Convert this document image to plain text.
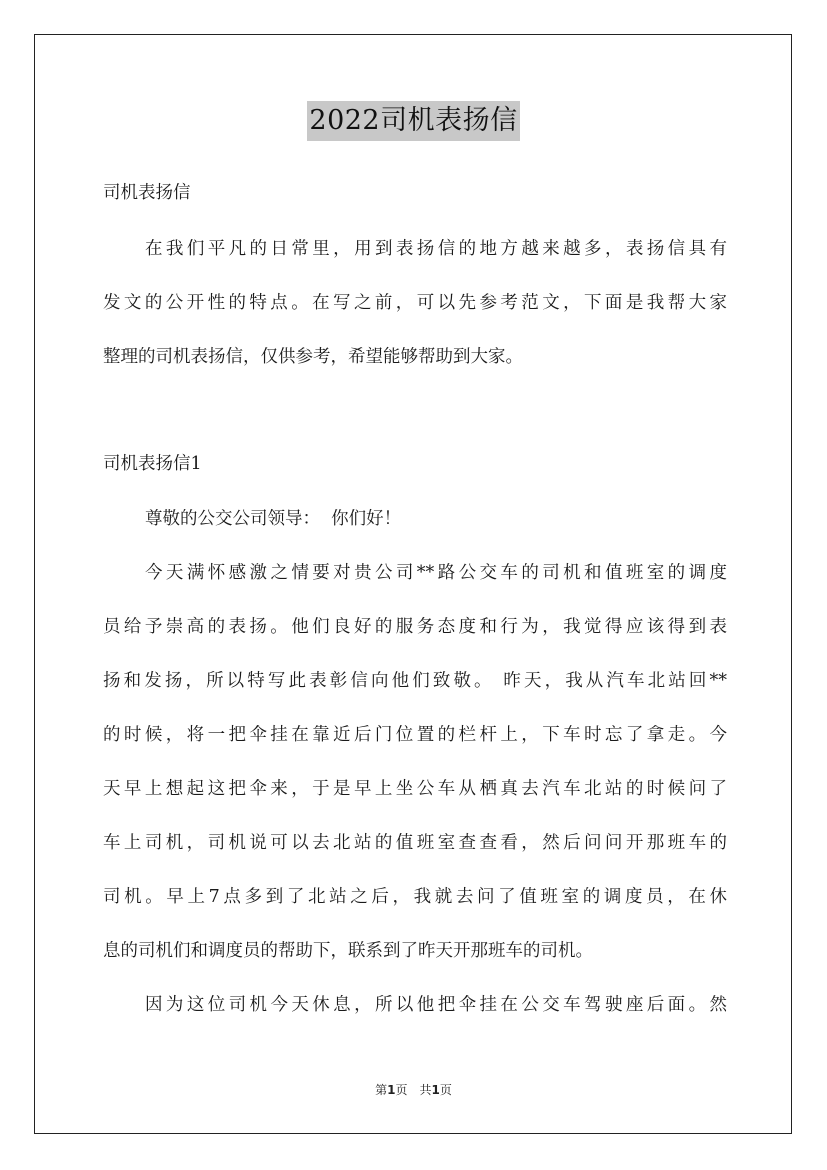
2022司机表扬信
司机表扬信
在我们平凡的日常里，用到表扬信的地方越来越多，表扬信具有
发文的公开性的特点。在写之前，可以先参考范文，下面是我帮大家
整理的司机表扬信，仅供参考，希望能够帮助到大家。
司机表扬信1
尊敬的公交公司领导：  你们好！
今天满怀感激之情要对贵公司**路公交车的司机和值班室的调度
员给予崇高的表扬。他们良好的服务态度和行为，我觉得应该得到表
扬和发扬，所以特写此表彰信向他们致敬。 昨天，我从汽车北站回**
的时候，将一把伞挂在靠近后门位置的栏杆上，下车时忘了拿走。今
天早上想起这把伞来，于是早上坐公车从栖真去汽车北站的时候问了
车上司机，司机说可以去北站的值班室查查看，然后问问开那班车的
司机。早上7点多到了北站之后，我就去问了值班室的调度员，在休
息的司机们和调度员的帮助下，联系到了昨天开那班车的司机。
因为这位司机今天休息，所以他把伞挂在公交车驾驶座后面。然
第1页 共1页
